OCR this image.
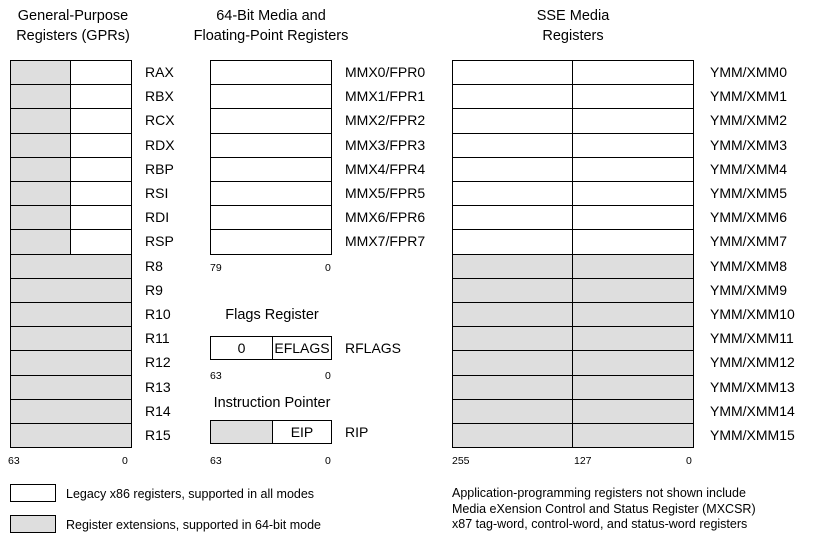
General-Purpose
Registers (GPRs)
64-Bit Media and
Floating-Point Registers
SSE Media
Registers
RAX
RBX
RCX
RDX
RBP
RSI
RDI
RSP
R8
R9
R10
R11
R12
R13
R14
R15
63	0
MMX0/FPR0
MMX1/FPR1
MMX2/FPR2
MMX3/FPR3
MMX4/FPR4
MMX5/FPR5
MMX6/FPR6
MMX7/FPR7
79	0
Flags Register
0	EFLAGS RFLAGS
63	0
Instruction Pointer
EIP	RIP
63	0
YMM/XMM0
YMM/XMM1
YMM/XMM2
YMM/XMM3
YMM/XMM4
YMM/XMM5
YMM/XMM6
YMM/XMM7
YMM/XMM8
YMM/XMM9
YMM/XMM10
YMM/XMM11
YMM/XMM12
YMM/XMM13
YMM/XMM14
YMM/XMM15
255	127	0
Legacy x86 registers, supported in all modes
Register extensions, supported in 64-bit mode
Application-programming registers not shown include
Media eXension Control and Status Register (MXCSR)
x87 tag-word, control-word, and status-word registers
